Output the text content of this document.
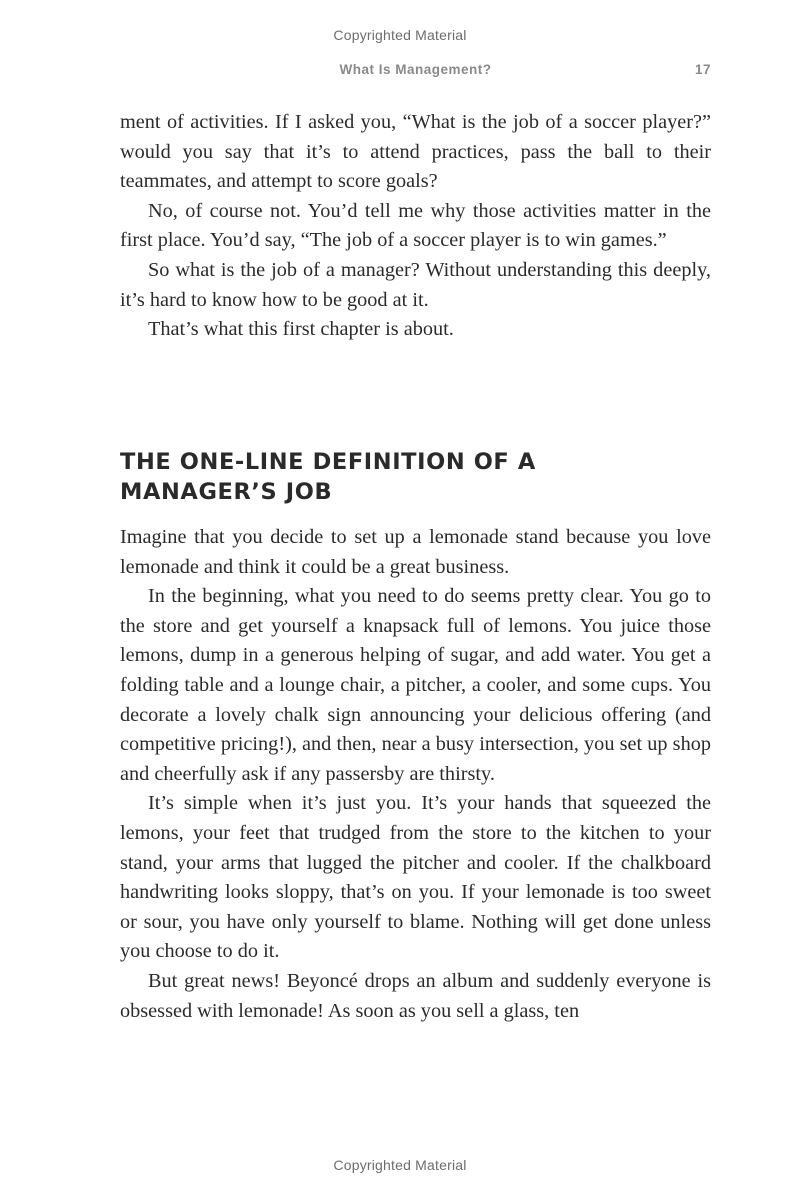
Copyrighted Material
What Is Management?	17

ment of activities. If I asked you, “What is the job of a soccer player?” would you say that it’s to attend practices, pass the ball to their teammates, and attempt to score goals?

No, of course not. You’d tell me why those activities matter in the first place. You’d say, “The job of a soccer player is to win games.”

So what is the job of a manager? Without understanding this deeply, it’s hard to know how to be good at it.

That’s what this first chapter is about.

THE ONE-LINE DEFINITION OF A
MANAGER’S JOB

Imagine that you decide to set up a lemonade stand because you love lemonade and think it could be a great business.

In the beginning, what you need to do seems pretty clear. You go to the store and get yourself a knapsack full of lemons. You juice those lemons, dump in a generous helping of sugar, and add water. You get a folding table and a lounge chair, a pitcher, a cooler, and some cups. You decorate a lovely chalk sign announcing your delicious offering (and competitive pricing!), and then, near a busy intersection, you set up shop and cheerfully ask if any passersby are thirsty.

It’s simple when it’s just you. It’s your hands that squeezed the lemons, your feet that trudged from the store to the kitchen to your stand, your arms that lugged the pitcher and cooler. If the chalkboard handwriting looks sloppy, that’s on you. If your lemonade is too sweet or sour, you have only yourself to blame. Nothing will get done unless you choose to do it.

But great news! Beyoncé drops an album and suddenly everyone is obsessed with lemonade! As soon as you sell a glass, ten

Copyrighted Material
